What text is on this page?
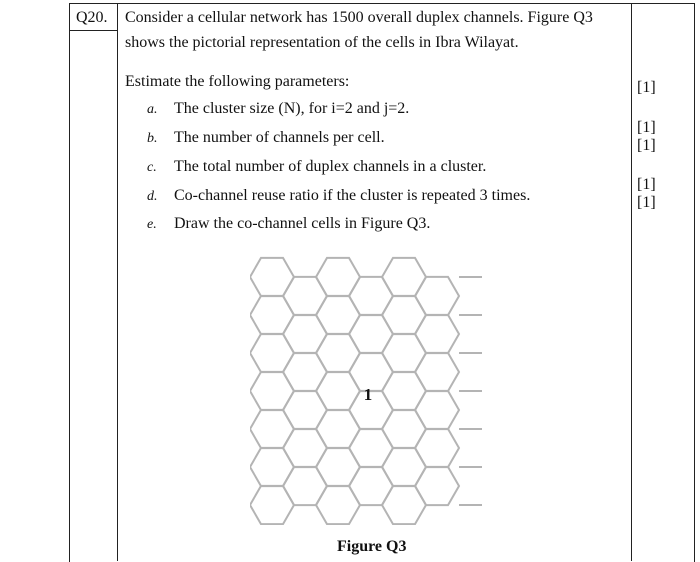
Q20. Consider a cellular network has 1500 overall duplex channels. Figure Q3
shows the pictorial representation of the cells in Ibra Wilayat.
Estimate the following parameters:
a. The cluster size (N), for i=2 and j=2.
b. The number of channels per cell.
c. The total number of duplex channels in a cluster.
d. Co-channel reuse ratio if the cluster is repeated 3 times.
e. Draw the co-channel cells in Figure Q3.
[1]
[1]
[1]
[1]
[1]
1
Figure Q3
